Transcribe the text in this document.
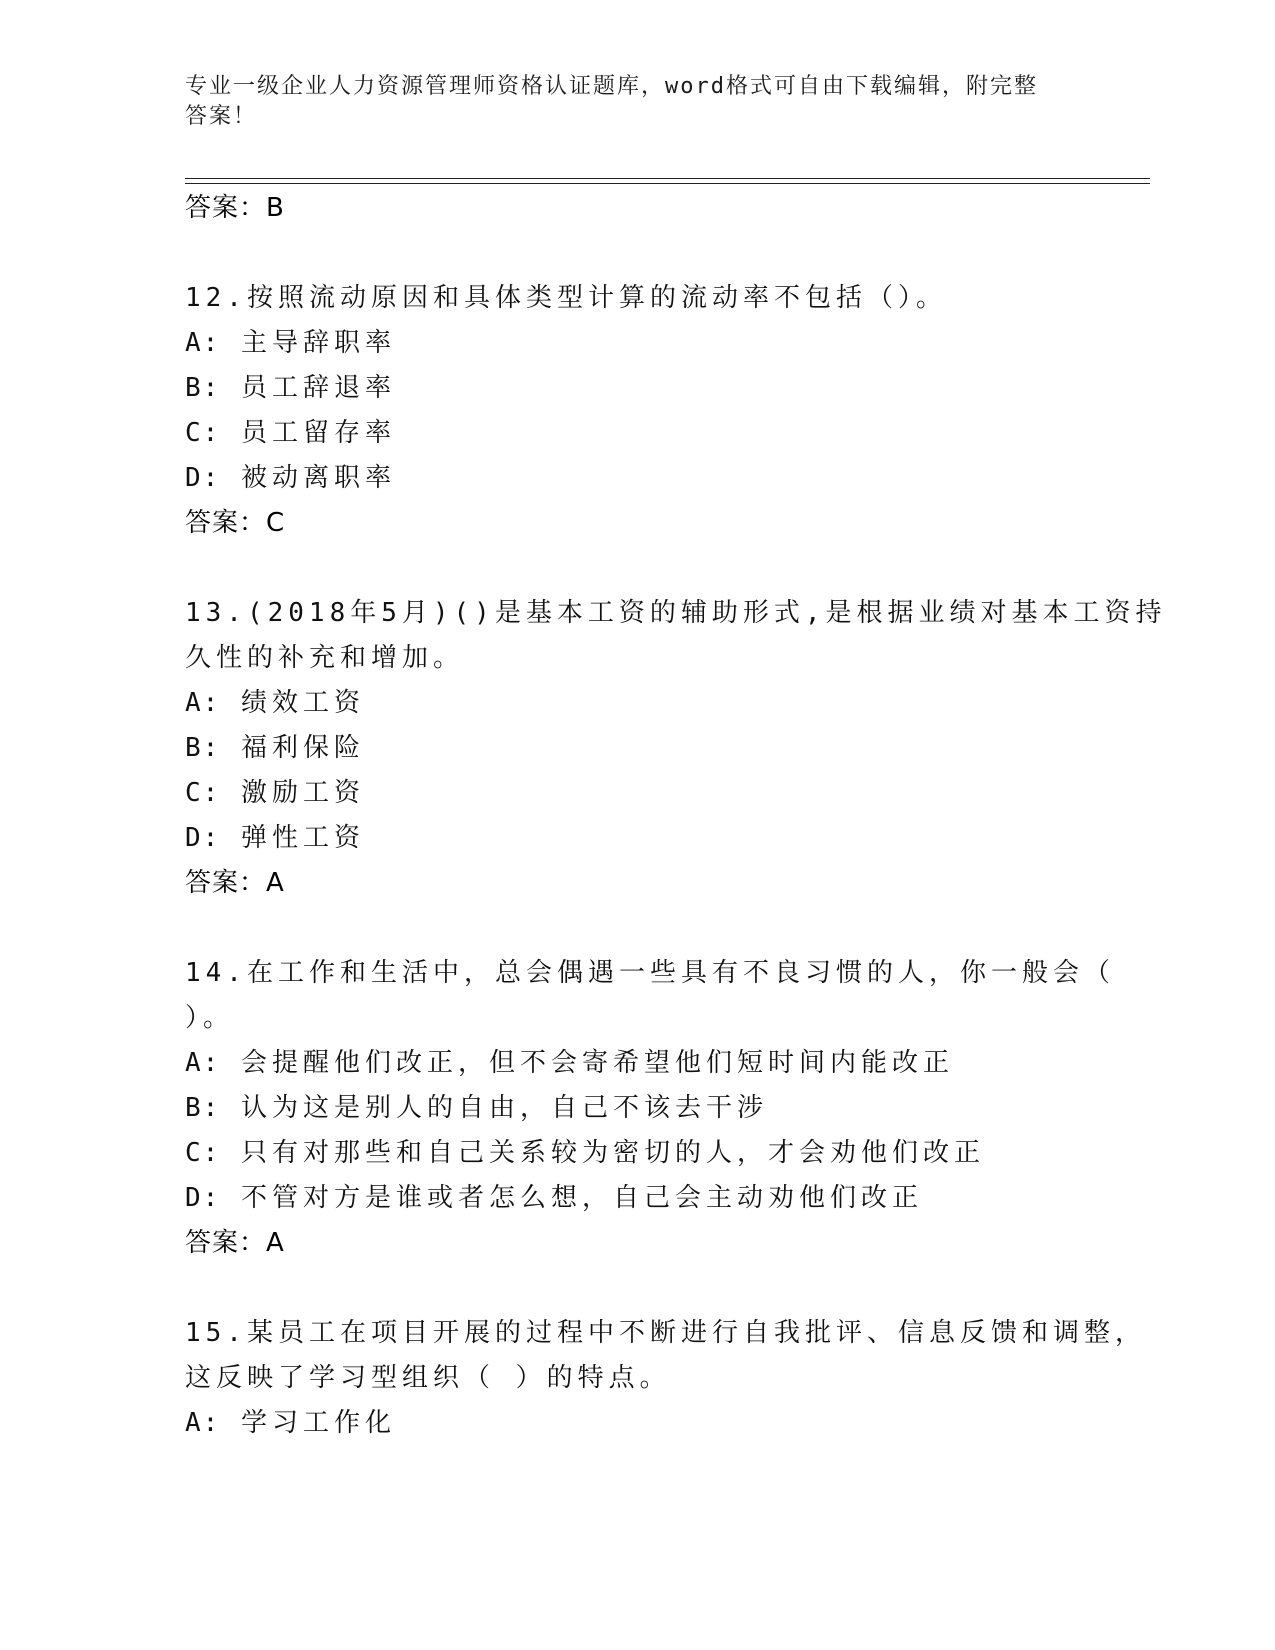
专业一级企业人力资源管理师资格认证题库，word格式可自由下载编辑，附完整
答案！
答案：B
12.按照流动原因和具体类型计算的流动率不包括（）。
A: 主导辞职率
B: 员工辞退率
C: 员工留存率
D: 被动离职率
答案：C
13.(2018年5月)()是基本工资的辅助形式,是根据业绩对基本工资持
久性的补充和增加。
A: 绩效工资
B: 福利保险
C: 激励工资
D: 弹性工资
答案：A
14.在工作和生活中，总会偶遇一些具有不良习惯的人，你一般会（
）。
A: 会提醒他们改正，但不会寄希望他们短时间内能改正
B: 认为这是别人的自由，自己不该去干涉
C: 只有对那些和自己关系较为密切的人，才会劝他们改正
D: 不管对方是谁或者怎么想，自己会主动劝他们改正
答案：A
15.某员工在项目开展的过程中不断进行自我批评、信息反馈和调整，
这反映了学习型组织（ ）的特点。
A: 学习工作化
